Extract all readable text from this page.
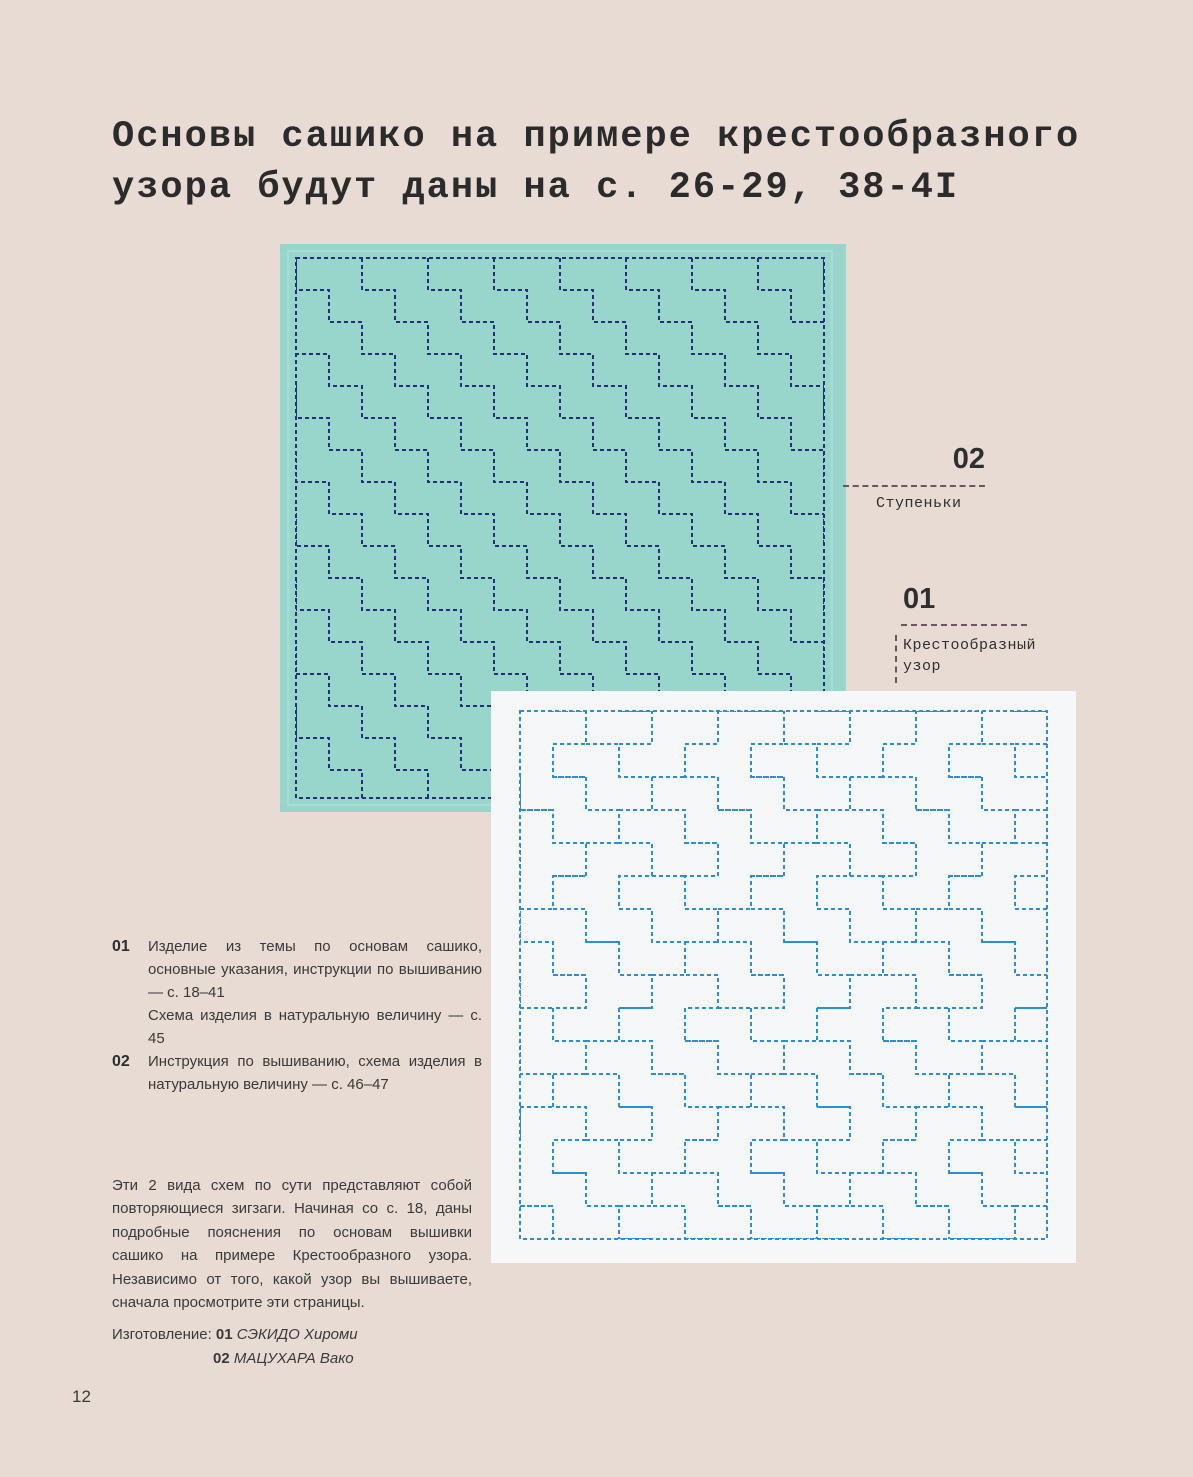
Основы сашико на примере крестообразного
узора будут даны на с. 26-29, 38-4I
02
Ступеньки
01
Крестообразный
узор
01	Изделие из темы по основам сашико, основные указания, инструкции по вышиванию — с. 18–41

Схема изделия в натуральную величину — с. 45

02	Инструкция по вышиванию, схема изделия в натуральную величину — с. 46–47

Эти 2 вида схем по сути представляют собой повторяющиеся зигзаги. Начиная со с. 18, даны подробные пояснения по основам вышивки сашико на примере Крестообразного узора. Независимо от того, какой узор вы вышиваете, сначала просмотрите эти страницы.

Изготовление: 01 СЭКИДО Хироми
02 МАЦУХАРА Вако
12
